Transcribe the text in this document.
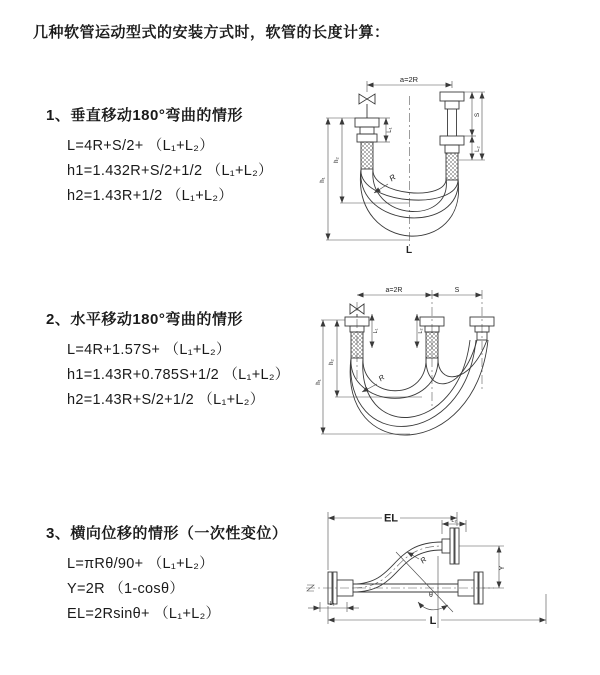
几种软管运动型式的安装方式时，软管的长度计算：
1、垂直移动180°弯曲的情形
L=4R+S/2+ （L₁+L₂）
h1=1.432R+S/2+1/2 （L₁+L₂）
h2=1.43R+1/2 （L₁+L₂）
2、水平移动180°弯曲的情形
L=4R+1.57S+ （L₁+L₂）
h1=1.43R+0.785S+1/2 （L₁+L₂）
h2=1.43R+S/2+1/2 （L₁+L₂）
3、横向位移的情形（一次性变位）
L=πRθ/90+ （L₁+L₂）
Y=2R （1-cosθ）
EL=2Rsinθ+ （L₁+L₂）
a=2R
L₁
S
L₂
h₁
h₂
R
L
a=2R	S
L₁	L₂
h₁
h₂
R
EL	L₂
θ
R
Y
L
L₁
